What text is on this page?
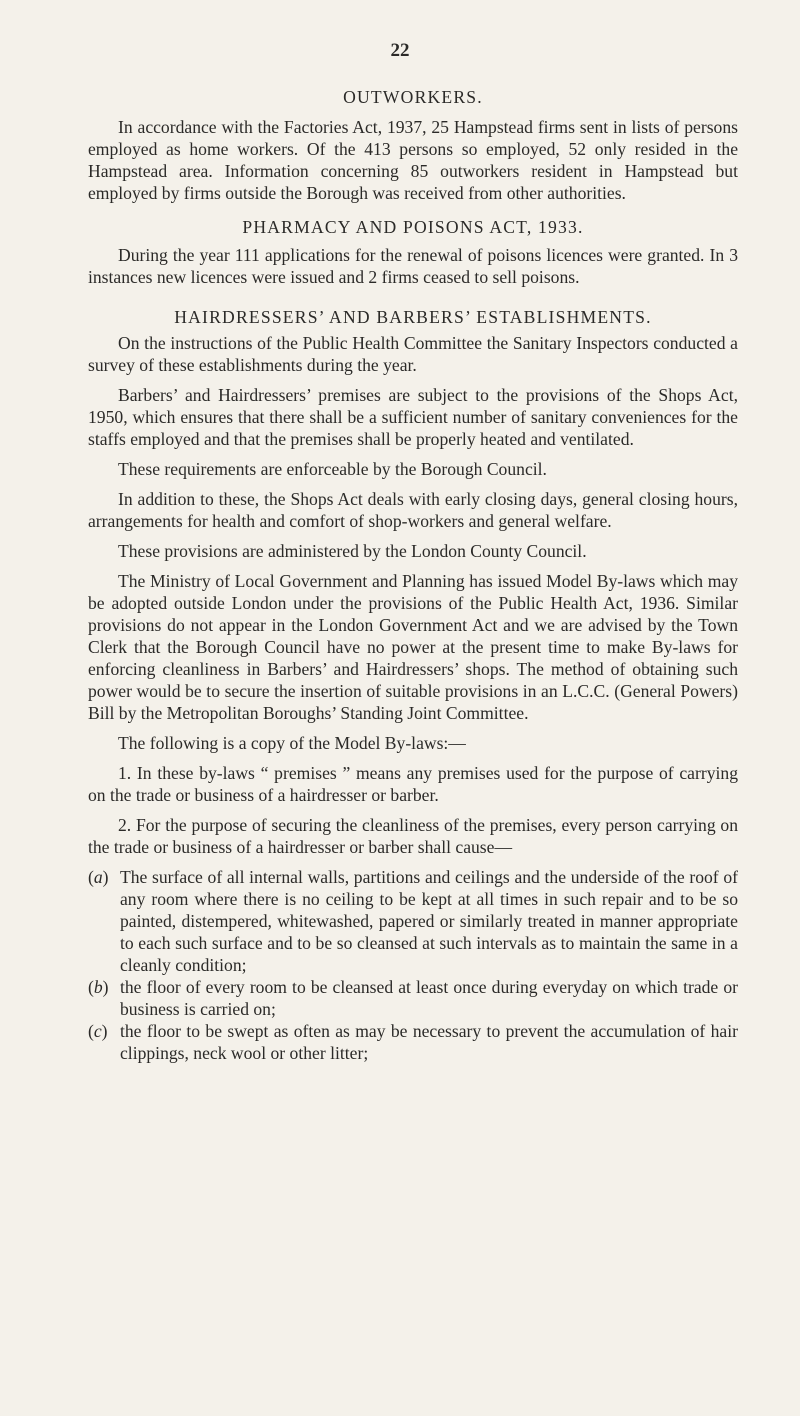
22
OUTWORKERS.

In accordance with the Factories Act, 1937, 25 Hampstead firms sent in lists of persons employed as home workers. Of the 413 persons so employed, 52 only resided in the Hampstead area. Information concerning 85 outworkers resident in Hampstead but employed by firms outside the Borough was received from other authorities.

PHARMACY AND POISONS ACT, 1933.

During the year 111 applications for the renewal of poisons licences were granted. In 3 instances new licences were issued and 2 firms ceased to sell poisons.

HAIRDRESSERS’ AND BARBERS’ ESTABLISHMENTS.

On the instructions of the Public Health Committee the Sanitary Inspectors conducted a survey of these establishments during the year.

Barbers’ and Hairdressers’ premises are subject to the provisions of the Shops Act, 1950, which ensures that there shall be a sufficient number of sanitary conveniences for the staffs employed and that the premises shall be properly heated and ventilated.

These requirements are enforceable by the Borough Council.

In addition to these, the Shops Act deals with early closing days, general closing hours, arrangements for health and comfort of shop-workers and general welfare.

These provisions are administered by the London County Council.

The Ministry of Local Government and Planning has issued Model By-laws which may be adopted outside London under the provisions of the Public Health Act, 1936. Similar provisions do not appear in the London Government Act and we are advised by the Town Clerk that the Borough Council have no power at the present time to make By-laws for enforcing cleanliness in Barbers’ and Hairdressers’ shops. The method of obtaining such power would be to secure the insertion of suitable provisions in an L.C.C. (General Powers) Bill by the Metropolitan Boroughs’ Standing Joint Committee.

The following is a copy of the Model By-laws:—

1. In these by-laws “ premises ” means any premises used for the purpose of carrying on the trade or business of a hairdresser or barber.

2. For the purpose of securing the cleanliness of the premises, every person carrying on the trade or business of a hairdresser or barber shall cause—

(a) The surface of all internal walls, partitions and ceilings and the underside of the roof of any room where there is no ceiling to be kept at all times in such repair and to be so painted, distempered, whitewashed, papered or similarly treated in manner appropriate to each such surface and to be so cleansed at such intervals as to maintain the same in a cleanly condition;
(b) the floor of every room to be cleansed at least once during everyday on which trade or business is carried on;
(c) the floor to be swept as often as may be necessary to prevent the accumulation of hair clippings, neck wool or other litter;
